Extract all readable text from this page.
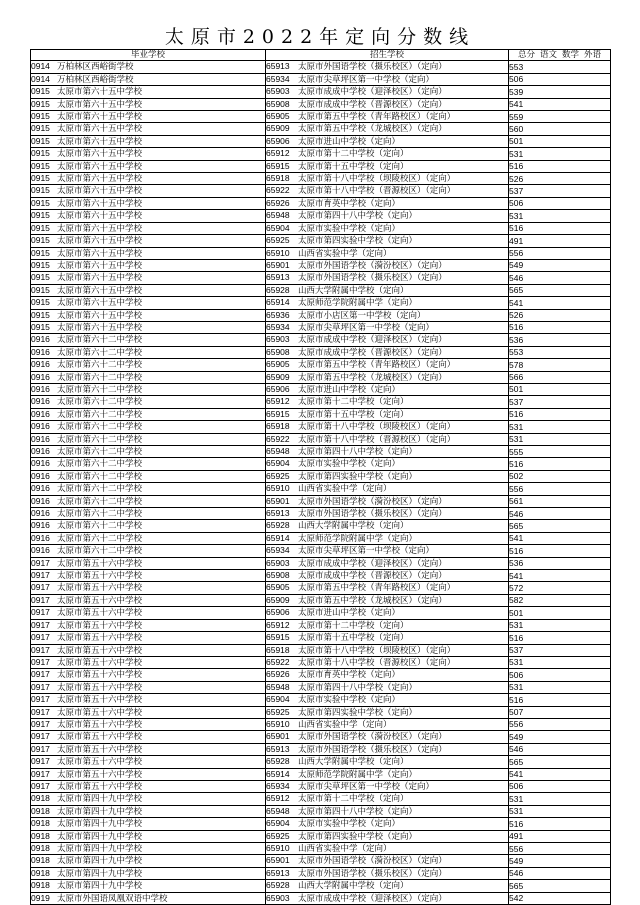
太原市2022年定向分数线
毕业学校	招生学校	总分 语文 数学 外语
0914 万柏林区西峪街学校	65913 太原市外国语学校（摄乐校区）（定向）	553
0914 万柏林区西峪街学校	65934 太原市尖草坪区第一中学校（定向）	506
0915 太原市第六十五中学校	65903 太原市成成中学校（迎泽校区）（定向）	539
0915 太原市第六十五中学校	65908 太原市成成中学校（晋源校区）（定向）	541
0915 太原市第六十五中学校	65905 太原市第五中学校（青年路校区）（定向）	559
0915 太原市第六十五中学校	65909 太原市第五中学校（龙城校区）（定向）	560
0915 太原市第六十五中学校	65906 太原市进山中学校（定向）	501
0915 太原市第六十五中学校	65912 太原市第十二中学校（定向）	531
0915 太原市第六十五中学校	65915 太原市第十五中学校（定向）	516
0915 太原市第六十五中学校	65918 太原市第十八中学校（坝陵校区）（定向）	526
0915 太原市第六十五中学校	65922 太原市第十八中学校（晋源校区）（定向）	537
0915 太原市第六十五中学校	65926 太原市育英中学校（定向）	506
0915 太原市第六十五中学校	65948 太原市第四十八中学校（定向）	531
0915 太原市第六十五中学校	65904 太原市实验中学校（定向）	516
0915 太原市第六十五中学校	65925 太原市第四实验中学校（定向）	491
0915 太原市第六十五中学校	65910 山西省实验中学（定向）	556
0915 太原市第六十五中学校	65901 太原市外国语学校（漪汾校区）（定向）	549
0915 太原市第六十五中学校	65913 太原市外国语学校（摄乐校区）（定向）	546
0915 太原市第六十五中学校	65928 山西大学附属中学校（定向）	565
0915 太原市第六十五中学校	65914 太原师范学院附属中学（定向）	541
0915 太原市第六十五中学校	65936 太原市小店区第一中学校（定向）	526
0915 太原市第六十五中学校	65934 太原市尖草坪区第一中学校（定向）	516
0916 太原市第六十二中学校	65903 太原市成成中学校（迎泽校区）（定向）	536
0916 太原市第六十二中学校	65908 太原市成成中学校（晋源校区）（定向）	553
0916 太原市第六十二中学校	65905 太原市第五中学校（青年路校区）（定向）	578
0916 太原市第六十二中学校	65909 太原市第五中学校（龙城校区）（定向）	566
0916 太原市第六十二中学校	65906 太原市进山中学校（定向）	501
0916 太原市第六十二中学校	65912 太原市第十二中学校（定向）	537
0916 太原市第六十二中学校	65915 太原市第十五中学校（定向）	516
0916 太原市第六十二中学校	65918 太原市第十八中学校（坝陵校区）（定向）	531
0916 太原市第六十二中学校	65922 太原市第十八中学校（晋源校区）（定向）	531
0916 太原市第六十二中学校	65948 太原市第四十八中学校（定向）	555
0916 太原市第六十二中学校	65904 太原市实验中学校（定向）	516
0916 太原市第六十二中学校	65925 太原市第四实验中学校（定向）	502
0916 太原市第六十二中学校	65910 山西省实验中学（定向）	556
0916 太原市第六十二中学校	65901 太原市外国语学校（漪汾校区）（定向）	561
0916 太原市第六十二中学校	65913 太原市外国语学校（摄乐校区）（定向）	546
0916 太原市第六十二中学校	65928 山西大学附属中学校（定向）	565
0916 太原市第六十二中学校	65914 太原师范学院附属中学（定向）	541
0916 太原市第六十二中学校	65934 太原市尖草坪区第一中学校（定向）	516
0917 太原市第五十六中学校	65903 太原市成成中学校（迎泽校区）（定向）	536
0917 太原市第五十六中学校	65908 太原市成成中学校（晋源校区）（定向）	541
0917 太原市第五十六中学校	65905 太原市第五中学校（青年路校区）（定向）	572
0917 太原市第五十六中学校	65909 太原市第五中学校（龙城校区）（定向）	582
0917 太原市第五十六中学校	65906 太原市进山中学校（定向）	501
0917 太原市第五十六中学校	65912 太原市第十二中学校（定向）	531
0917 太原市第五十六中学校	65915 太原市第十五中学校（定向）	516
0917 太原市第五十六中学校	65918 太原市第十八中学校（坝陵校区）（定向）	537
0917 太原市第五十六中学校	65922 太原市第十八中学校（晋源校区）（定向）	531
0917 太原市第五十六中学校	65926 太原市育英中学校（定向）	506
0917 太原市第五十六中学校	65948 太原市第四十八中学校（定向）	531
0917 太原市第五十六中学校	65904 太原市实验中学校（定向）	516
0917 太原市第五十六中学校	65925 太原市第四实验中学校（定向）	507
0917 太原市第五十六中学校	65910 山西省实验中学（定向）	556
0917 太原市第五十六中学校	65901 太原市外国语学校（漪汾校区）（定向）	549
0917 太原市第五十六中学校	65913 太原市外国语学校（摄乐校区）（定向）	546
0917 太原市第五十六中学校	65928 山西大学附属中学校（定向）	565
0917 太原市第五十六中学校	65914 太原师范学院附属中学（定向）	541
0917 太原市第五十六中学校	65934 太原市尖草坪区第一中学校（定向）	506
0918 太原市第四十九中学校	65912 太原市第十二中学校（定向）	531
0918 太原市第四十九中学校	65948 太原市第四十八中学校（定向）	531
0918 太原市第四十九中学校	65904 太原市实验中学校（定向）	516
0918 太原市第四十九中学校	65925 太原市第四实验中学校（定向）	491
0918 太原市第四十九中学校	65910 山西省实验中学（定向）	556
0918 太原市第四十九中学校	65901 太原市外国语学校（漪汾校区）（定向）	549
0918 太原市第四十九中学校	65913 太原市外国语学校（摄乐校区）（定向）	546
0918 太原市第四十九中学校	65928 山西大学附属中学校（定向）	565
0919 太原市外国语凤凰双语中学校	65903 太原市成成中学校（迎泽校区）（定向）	542
